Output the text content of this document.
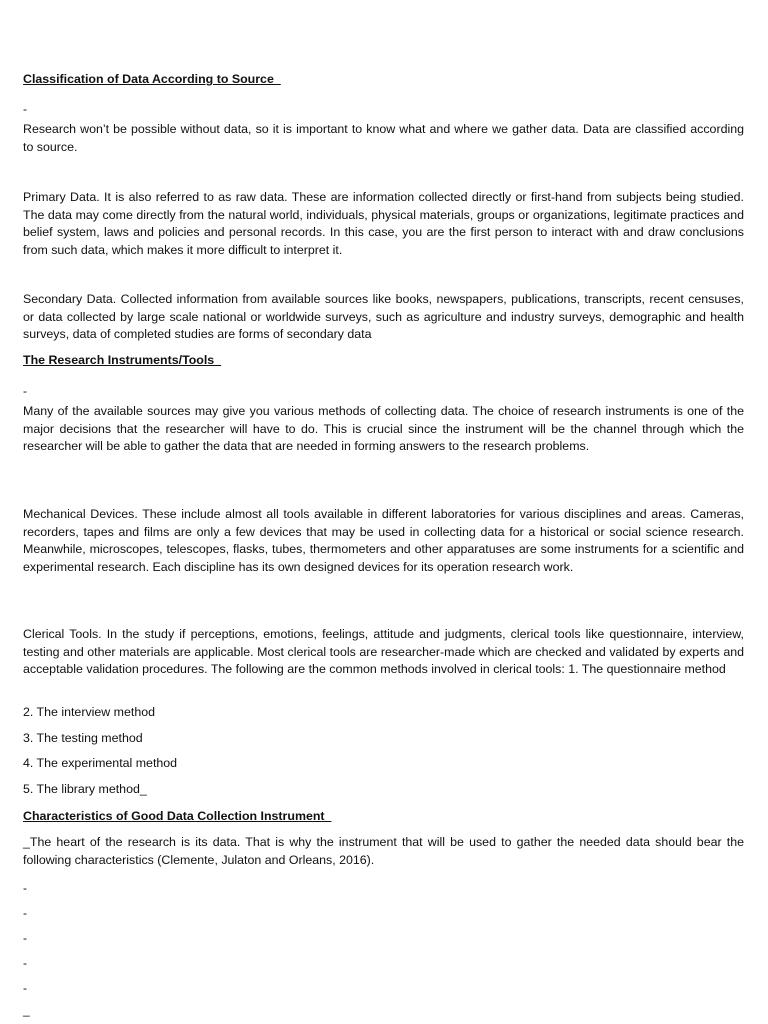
Classification of Data According to Source
-

Research won’t be possible without data, so it is important to know what and where we gather data. Data are classified according to source.

Primary Data. It is also referred to as raw data. These are information collected directly or first-hand from subjects being studied. The data may come directly from the natural world, individuals, physical materials, groups or organizations, legitimate practices and belief system, laws and policies and personal records. In this case, you are the first person to interact with and draw conclusions from such data, which makes it more difficult to interpret it.

Secondary Data. Collected information from available sources like books, newspapers, publications, transcripts, recent censuses, or data collected by large scale national or worldwide surveys, such as agriculture and industry surveys, demographic and health surveys, data of completed studies are forms of secondary data

The Research Instruments/Tools
-

Many of the available sources may give you various methods of collecting data. The choice of research instruments is one of the major decisions that the researcher will have to do. This is crucial since the instrument will be the channel through which the researcher will be able to gather the data that are needed in forming answers to the research problems.

Mechanical Devices. These include almost all tools available in different laboratories for various disciplines and areas. Cameras, recorders, tapes and films are only a few devices that may be used in collecting data for a historical or social science research. Meanwhile, microscopes, telescopes, flasks, tubes, thermometers and other apparatuses are some instruments for a scientific and experimental research. Each discipline has its own designed devices for its operation research work.

Clerical Tools. In the study if perceptions, emotions, feelings, attitude and judgments, clerical tools like questionnaire, interview, testing and other materials are applicable. Most clerical tools are researcher-made which are checked and validated by experts and acceptable validation procedures. The following are the common methods involved in clerical tools: 1. The questionnaire method

2. The interview method
3. The testing method
4. The experimental method
5. The library method_
Characteristics of Good Data Collection Instrument

_The heart of the research is its data. That is why the instrument that will be used to gather the needed data should bear the following characteristics (Clemente, Julaton and Orleans, 2016).

-
-
-
-
-
_
